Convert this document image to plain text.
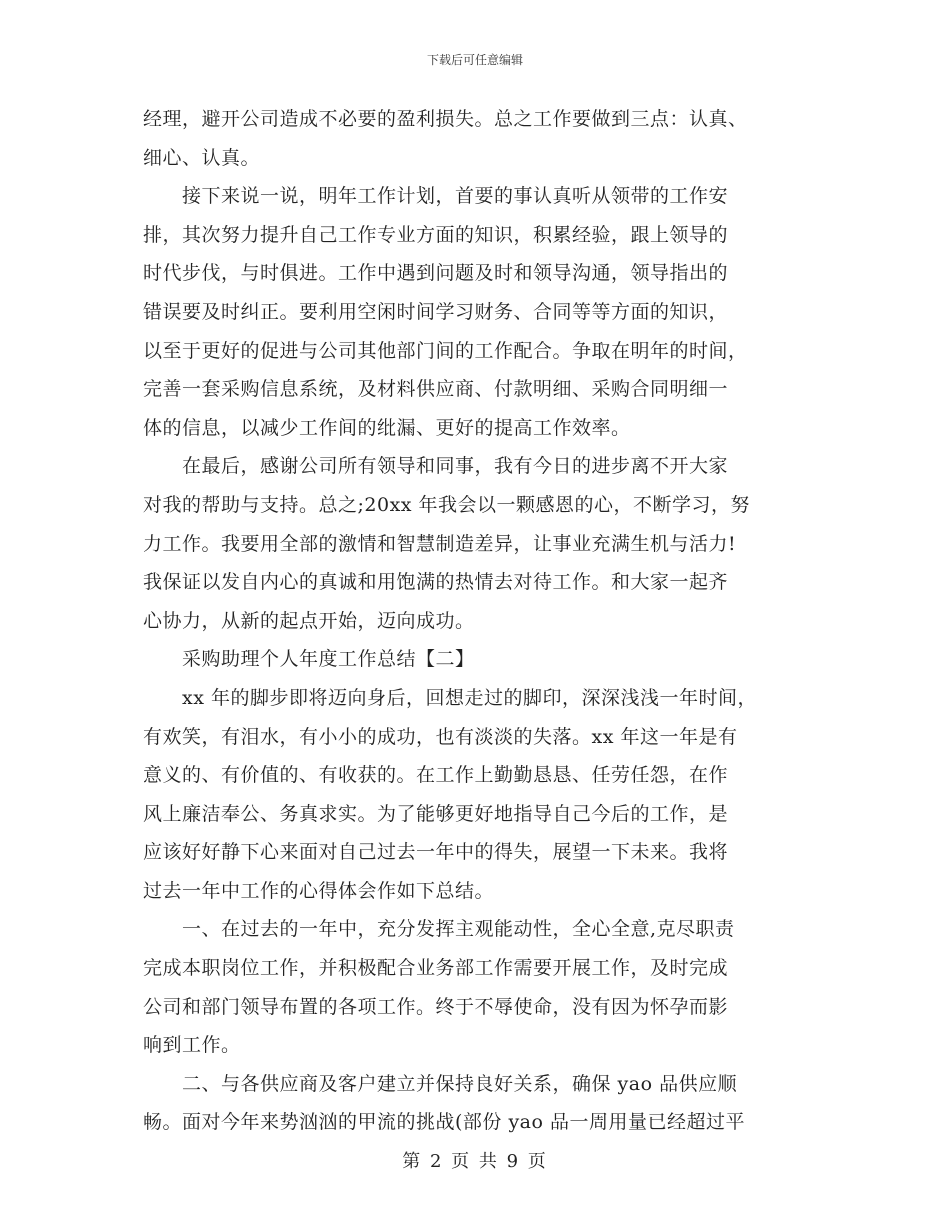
下载后可任意编辑
经理，避开公司造成不必要的盈利损失。总之工作要做到三点：认真、
细心、认真。
　　接下来说一说，明年工作计划，首要的事认真听从领带的工作安
排，其次努力提升自己工作专业方面的知识，积累经验，跟上领导的
时代步伐，与时俱进。工作中遇到问题及时和领导沟通，领导指出的
错误要及时纠正。要利用空闲时间学习财务、合同等等方面的知识，
以至于更好的促进与公司其他部门间的工作配合。争取在明年的时间，
完善一套采购信息系统，及材料供应商、付款明细、采购合同明细一
体的信息，以减少工作间的纰漏、更好的提高工作效率。
　　在最后，感谢公司所有领导和同事，我有今日的进步离不开大家
对我的帮助与支持。总之;20xx 年我会以一颗感恩的心，不断学习，努
力工作。我要用全部的激情和智慧制造差异，让事业充满生机与活力!
我保证以发自内心的真诚和用饱满的热情去对待工作。和大家一起齐
心协力，从新的起点开始，迈向成功。
　　采购助理个人年度工作总结【二】
　　xx 年的脚步即将迈向身后，回想走过的脚印，深深浅浅一年时间，
有欢笑，有泪水，有小小的成功，也有淡淡的失落。xx 年这一年是有
意义的、有价值的、有收获的。在工作上勤勤恳恳、任劳任怨，在作
风上廉洁奉公、务真求实。为了能够更好地指导自己今后的工作，是
应该好好静下心来面对自己过去一年中的得失，展望一下未来。我将
过去一年中工作的心得体会作如下总结。
　　一、在过去的一年中，充分发挥主观能动性，全心全意,克尽职责
完成本职岗位工作，并积极配合业务部工作需要开展工作，及时完成
公司和部门领导布置的各项工作。终于不辱使命，没有因为怀孕而影
响到工作。
　　二、与各供应商及客户建立并保持良好关系，确保 yao 品供应顺
畅。面对今年来势汹汹的甲流的挑战(部份 yao 品一周用量已经超过平
第 2 页 共 9 页
